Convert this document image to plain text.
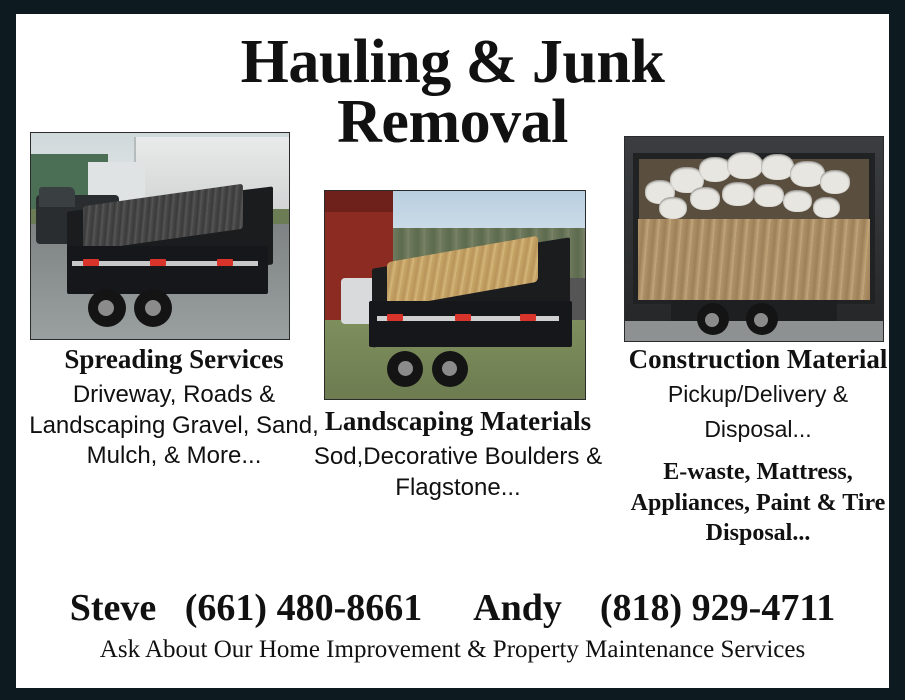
Hauling & Junk
Removal
Spreading Services
Driveway, Roads & Landscaping Gravel, Sand, Mulch, & More...
Landscaping Materials
Sod,Decorative Boulders & Flagstone...
Construction Material
Pickup/Delivery &
Disposal...
E-waste, Mattress, Appliances, Paint & Tire Disposal...
Steve (661) 480-8661 Andy (818) 929-4711
Ask About Our Home Improvement & Property Maintenance Services
